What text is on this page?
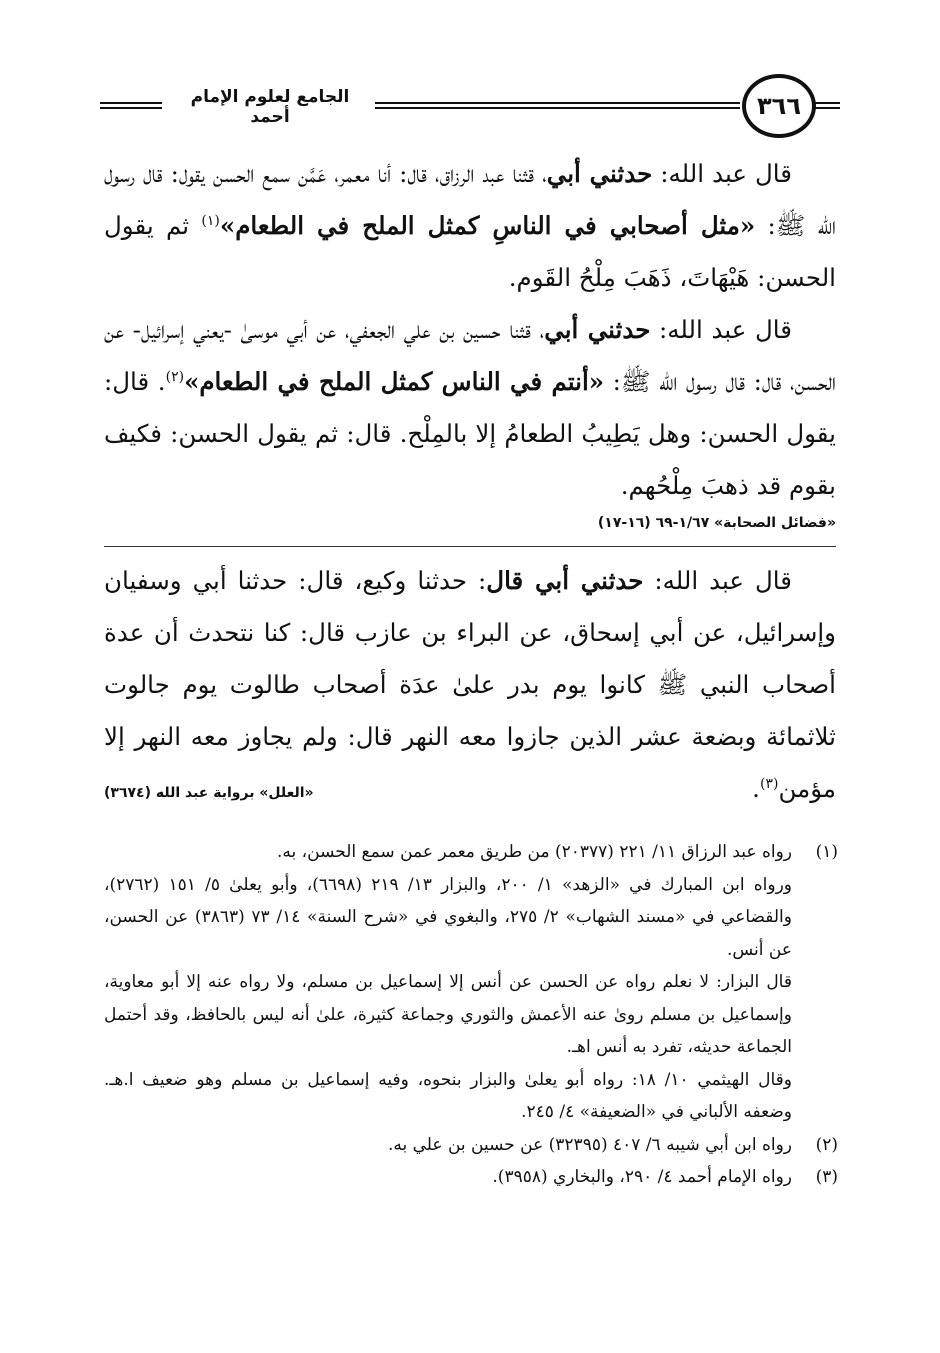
الجامع لعلوم الإمام أحمد	٣٦٦

قال عبد الله: حدثني أبي، قثنا عبد الرزاق، قال: أنا معمر، عَمَّن سمع الحسن يقول: قال رسول الله ﷺ: «مثل أصحابي في الناسِ كمثل الملح في الطعام»$^{(١)}$ ثم يقول الحسن: هَيْهَاتَ، ذَهَبَ مِلْحُ القَوم.

قال عبد الله: حدثني أبي، قثنا حسين بن علي الجعفي، عن أبي موسىٰ -يعني إسرائيل- عن الحسن، قال: قال رسول الله ﷺ: «أنتم في الناس كمثل الملح في الطعام»$^{(٢)}$. قال: يقول الحسن: وهل يَطِيبُ الطعامُ إلا بالمِلْح. قال: ثم يقول الحسن: فكيف بقوم قد ذهبَ مِلْحُهم.

«فضائل الصحابة» ١/٦٧-٦٩ (١٦-١٧)

قال عبد الله: حدثني أبي قال: حدثنا وكيع، قال: حدثنا أبي وسفيان وإسرائيل، عن أبي إسحاق، عن البراء بن عازب قال: كنا نتحدث أن عدة أصحاب النبي ﷺ كانوا يوم بدر علىٰ عدَة أصحاب طالوت يوم جالوت ثلاثمائة وبضعة عشر الذين جازوا معه النهر قال: ولم يجاوز معه النهر إلا مؤمن$^{(٣)}$.
«العلل» برواية عبد الله (٣٦٧٤)

(١)

رواه عبد الرزاق ١١/ ٢٢١ (٢٠٣٧٧) من طريق معمر عمن سمع الحسن، به.

ورواه ابن المبارك في «الزهد» ١/ ٢٠٠، والبزار ١٣/ ٢١٩ (٦٦٩٨)، وأبو يعلىٰ ٥/ ١٥١ (٢٧٦٢)، والقضاعي في «مسند الشهاب» ٢/ ٢٧٥، والبغوي في «شرح السنة» ١٤/ ٧٣ (٣٨٦٣) عن الحسن، عن أنس.

قال البزار: لا نعلم رواه عن الحسن عن أنس إلا إسماعيل بن مسلم، ولا رواه عنه إلا أبو معاوية، وإسماعيل بن مسلم روىٰ عنه الأعمش والثوري وجماعة كثيرة، علىٰ أنه ليس بالحافظ، وقد أحتمل الجماعة حديثه، تفرد به أنس اهـ.

وقال الهيثمي ١٠/ ١٨: رواه أبو يعلىٰ والبزار بنحوه، وفيه إسماعيل بن مسلم وهو ضعيف ا.هـ. وضعفه الألباني في «الضعيفة» ٤/ ٢٤٥.

(٢)

رواه ابن أبي شيبه ٦/ ٤٠٧ (٣٢٣٩٥) عن حسين بن علي به.

(٣)

رواه الإمام أحمد ٤/ ٢٩٠، والبخاري (٣٩٥٨).
